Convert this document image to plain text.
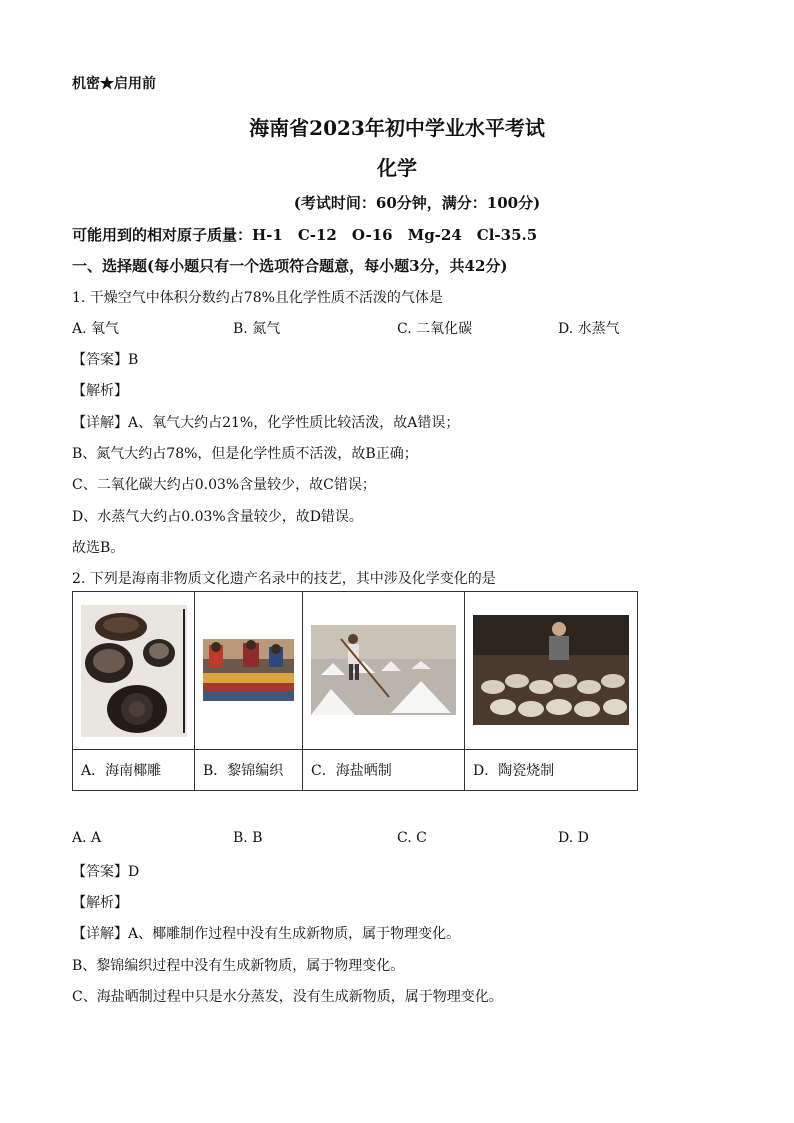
机密★启用前
海南省2023年初中学业水平考试
化学
(考试时间：60分钟，满分：100分)
可能用到的相对原子质量：H-1　C-12　O-16　Mg-24　Cl-35.5
一、选择题(每小题只有一个选项符合题意，每小题3分，共42分)
1. 干燥空气中体积分数约占78%且化学性质不活泼的气体是
A. 氧气	B. 氮气	C. 二氧化碳	D. 水蒸气
【答案】B
【解析】
【详解】A、氧气大约占21%，化学性质比较活泼，故A错误；
B、氮气大约占78%，但是化学性质不活泼，故B正确；
C、二氧化碳大约占0.03%含量较少，故C错误；
D、水蒸气大约占0.03%含量较少，故D错误。
故选B。
2. 下列是海南非物质文化遗产名录中的技艺，其中涉及化学变化的是

A．海南椰雕	B．黎锦编织	C．海盐晒制	D．陶瓷烧制
A. A	B. B	C. C	D. D
【答案】D
【解析】
【详解】A、椰雕制作过程中没有生成新物质，属于物理变化。
B、黎锦编织过程中没有生成新物质，属于物理变化。
C、海盐晒制过程中只是水分蒸发，没有生成新物质，属于物理变化。
